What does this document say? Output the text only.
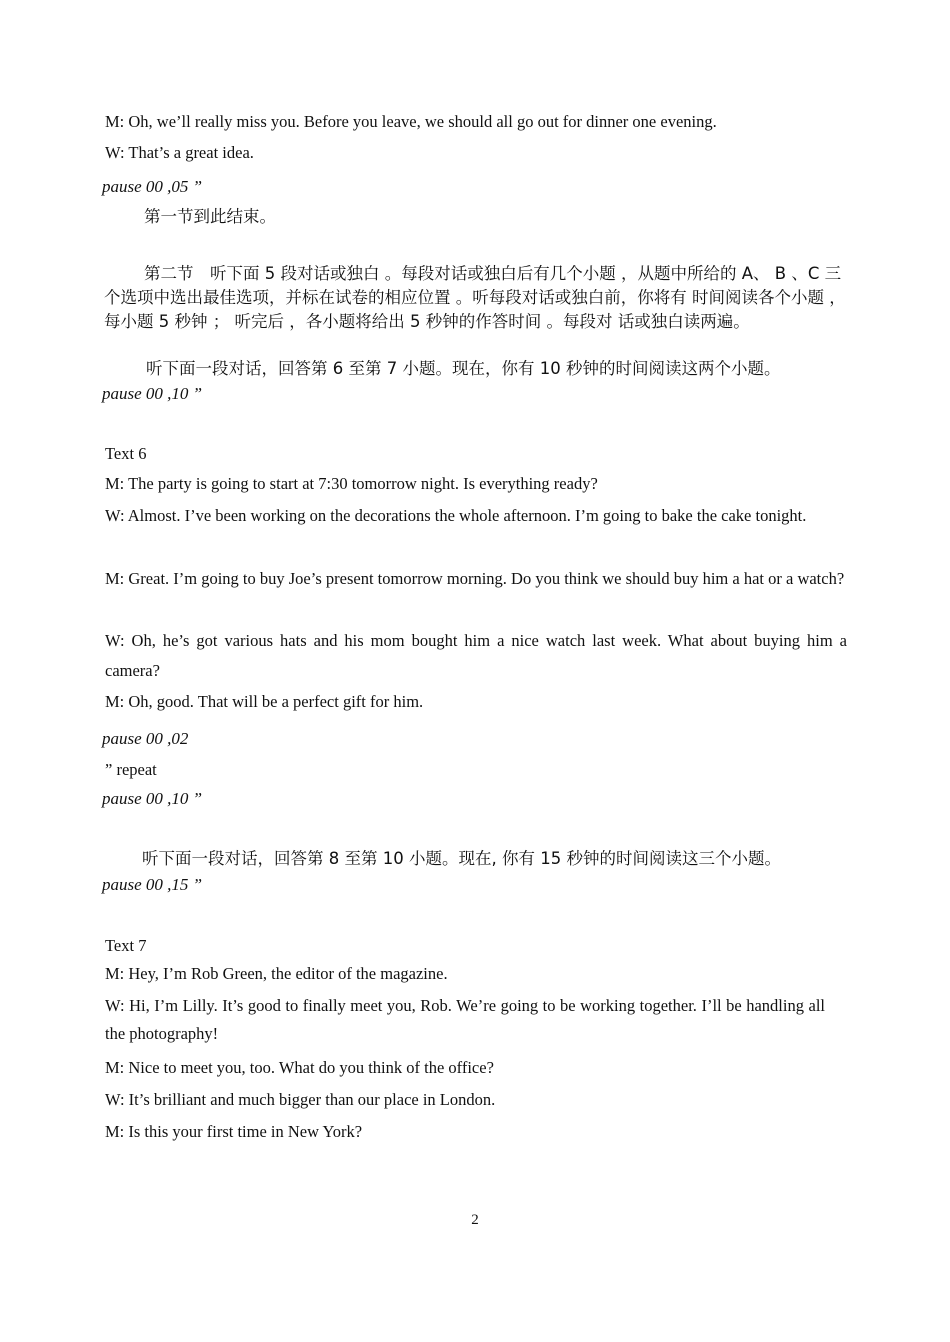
M: Oh, we’ll really miss you. Before you leave, we should all go out for dinner one evening.
W: That’s a great idea.
pause 00 ,05 ”
第一节到此结束。
第二节　听下面 5 段对话或独白 。每段对话或独白后有几个小题 ，从题中所给的 A、 B 、C 三个选项中选出最佳选项，并标在试卷的相应位置 。听每段对话或独白前，你将有 时间阅读各个小题 ， 每小题 5 秒钟 ； 听完后 ，各小题将给出 5 秒钟的作答时间 。每段对 话或独白读两遍。
听下面一段对话，回答第 6 至第 7 小题。现在，你有 10 秒钟的时间阅读这两个小题。
pause 00 ,10 ”
Text 6
M: The party is going to start at 7:30 tomorrow night. Is everything ready?
W: Almost. I’ve been working on the decorations the whole afternoon. I’m going to bake the cake tonight.
M: Great. I’m going to buy Joe’s present tomorrow morning. Do you think we should buy him a hat or a watch?
W: Oh, he’s got various hats and his mom bought him a nice watch last week. What about buying him a camera?
M: Oh, good. That will be a perfect gift for him.
pause 00 ,02
” repeat
pause 00 ,10 ”
听下面一段对话，回答第 8 至第 10 小题。现在, 你有 15 秒钟的时间阅读这三个小题。
pause 00 ,15 ”
Text 7
M: Hey, I’m Rob Green, the editor of the magazine.
W: Hi, I’m Lilly. It’s good to finally meet you, Rob. We’re going to be working together. I’ll be handling all the photography!
M: Nice to meet you, too. What do you think of the office?
W: It’s brilliant and much bigger than our place in London.
M: Is this your first time in New York?
2
